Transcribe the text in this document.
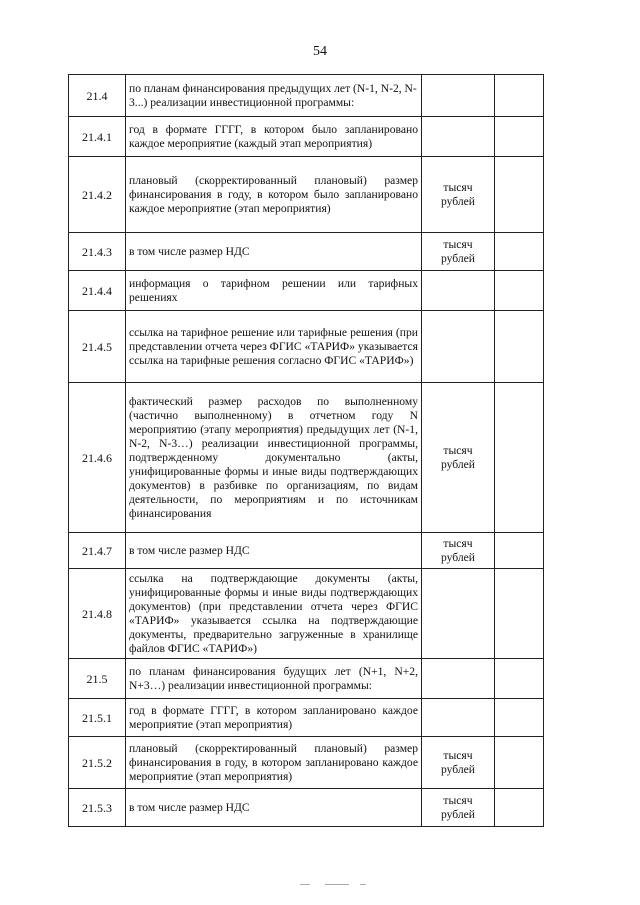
54
21.4	по планам финансирования предыдущих лет (N-1, N-2, N-3...) реализации инвестиционной программы:		
21.4.1	год в формате ГГГГ, в котором было запланировано каждое мероприятие (каждый этап мероприятия)		
21.4.2	плановый (скорректированный плановый) размер финансирования в году, в котором было запланировано каждое мероприятие (этап мероприятия)	тысяч рублей	
21.4.3	в том числе размер НДС	тысяч рублей	
21.4.4	информация о тарифном решении или тарифных решениях		
21.4.5	ссылка на тарифное решение или тарифные решения (при представлении отчета через ФГИС «ТАРИФ» указывается ссылка на тарифные решения согласно ФГИС «ТАРИФ»)		
21.4.6	фактический размер расходов по выполненному (частично выполненному) в отчетном году N мероприятию (этапу мероприятия) предыдущих лет (N-1, N-2, N-3…) реализации инвестиционной программы, подтвержденному документально (акты, унифицированные формы и иные виды подтверждающих документов) в разбивке по организациям, по видам деятельности, по мероприятиям и по источникам финансирования	тысяч рублей	
21.4.7	в том числе размер НДС	тысяч рублей	
21.4.8	ссылка на подтверждающие документы (акты, унифицированные формы и иные виды подтверждающих документов) (при представлении отчета через ФГИС «ТАРИФ» указывается ссылка на подтверждающие документы, предварительно загруженные в хранилище файлов ФГИС «ТАРИФ»)		
21.5	по планам финансирования будущих лет (N+1, N+2, N+3…) реализации инвестиционной программы:		
21.5.1	год в формате ГГГГ, в котором запланировано каждое мероприятие (этап мероприятия)		
21.5.2	плановый (скорректированный плановый) размер финансирования в году, в котором запланировано каждое мероприятие (этап мероприятия)	тысяч рублей	
21.5.3	в том числе размер НДС	тысяч рублей	
